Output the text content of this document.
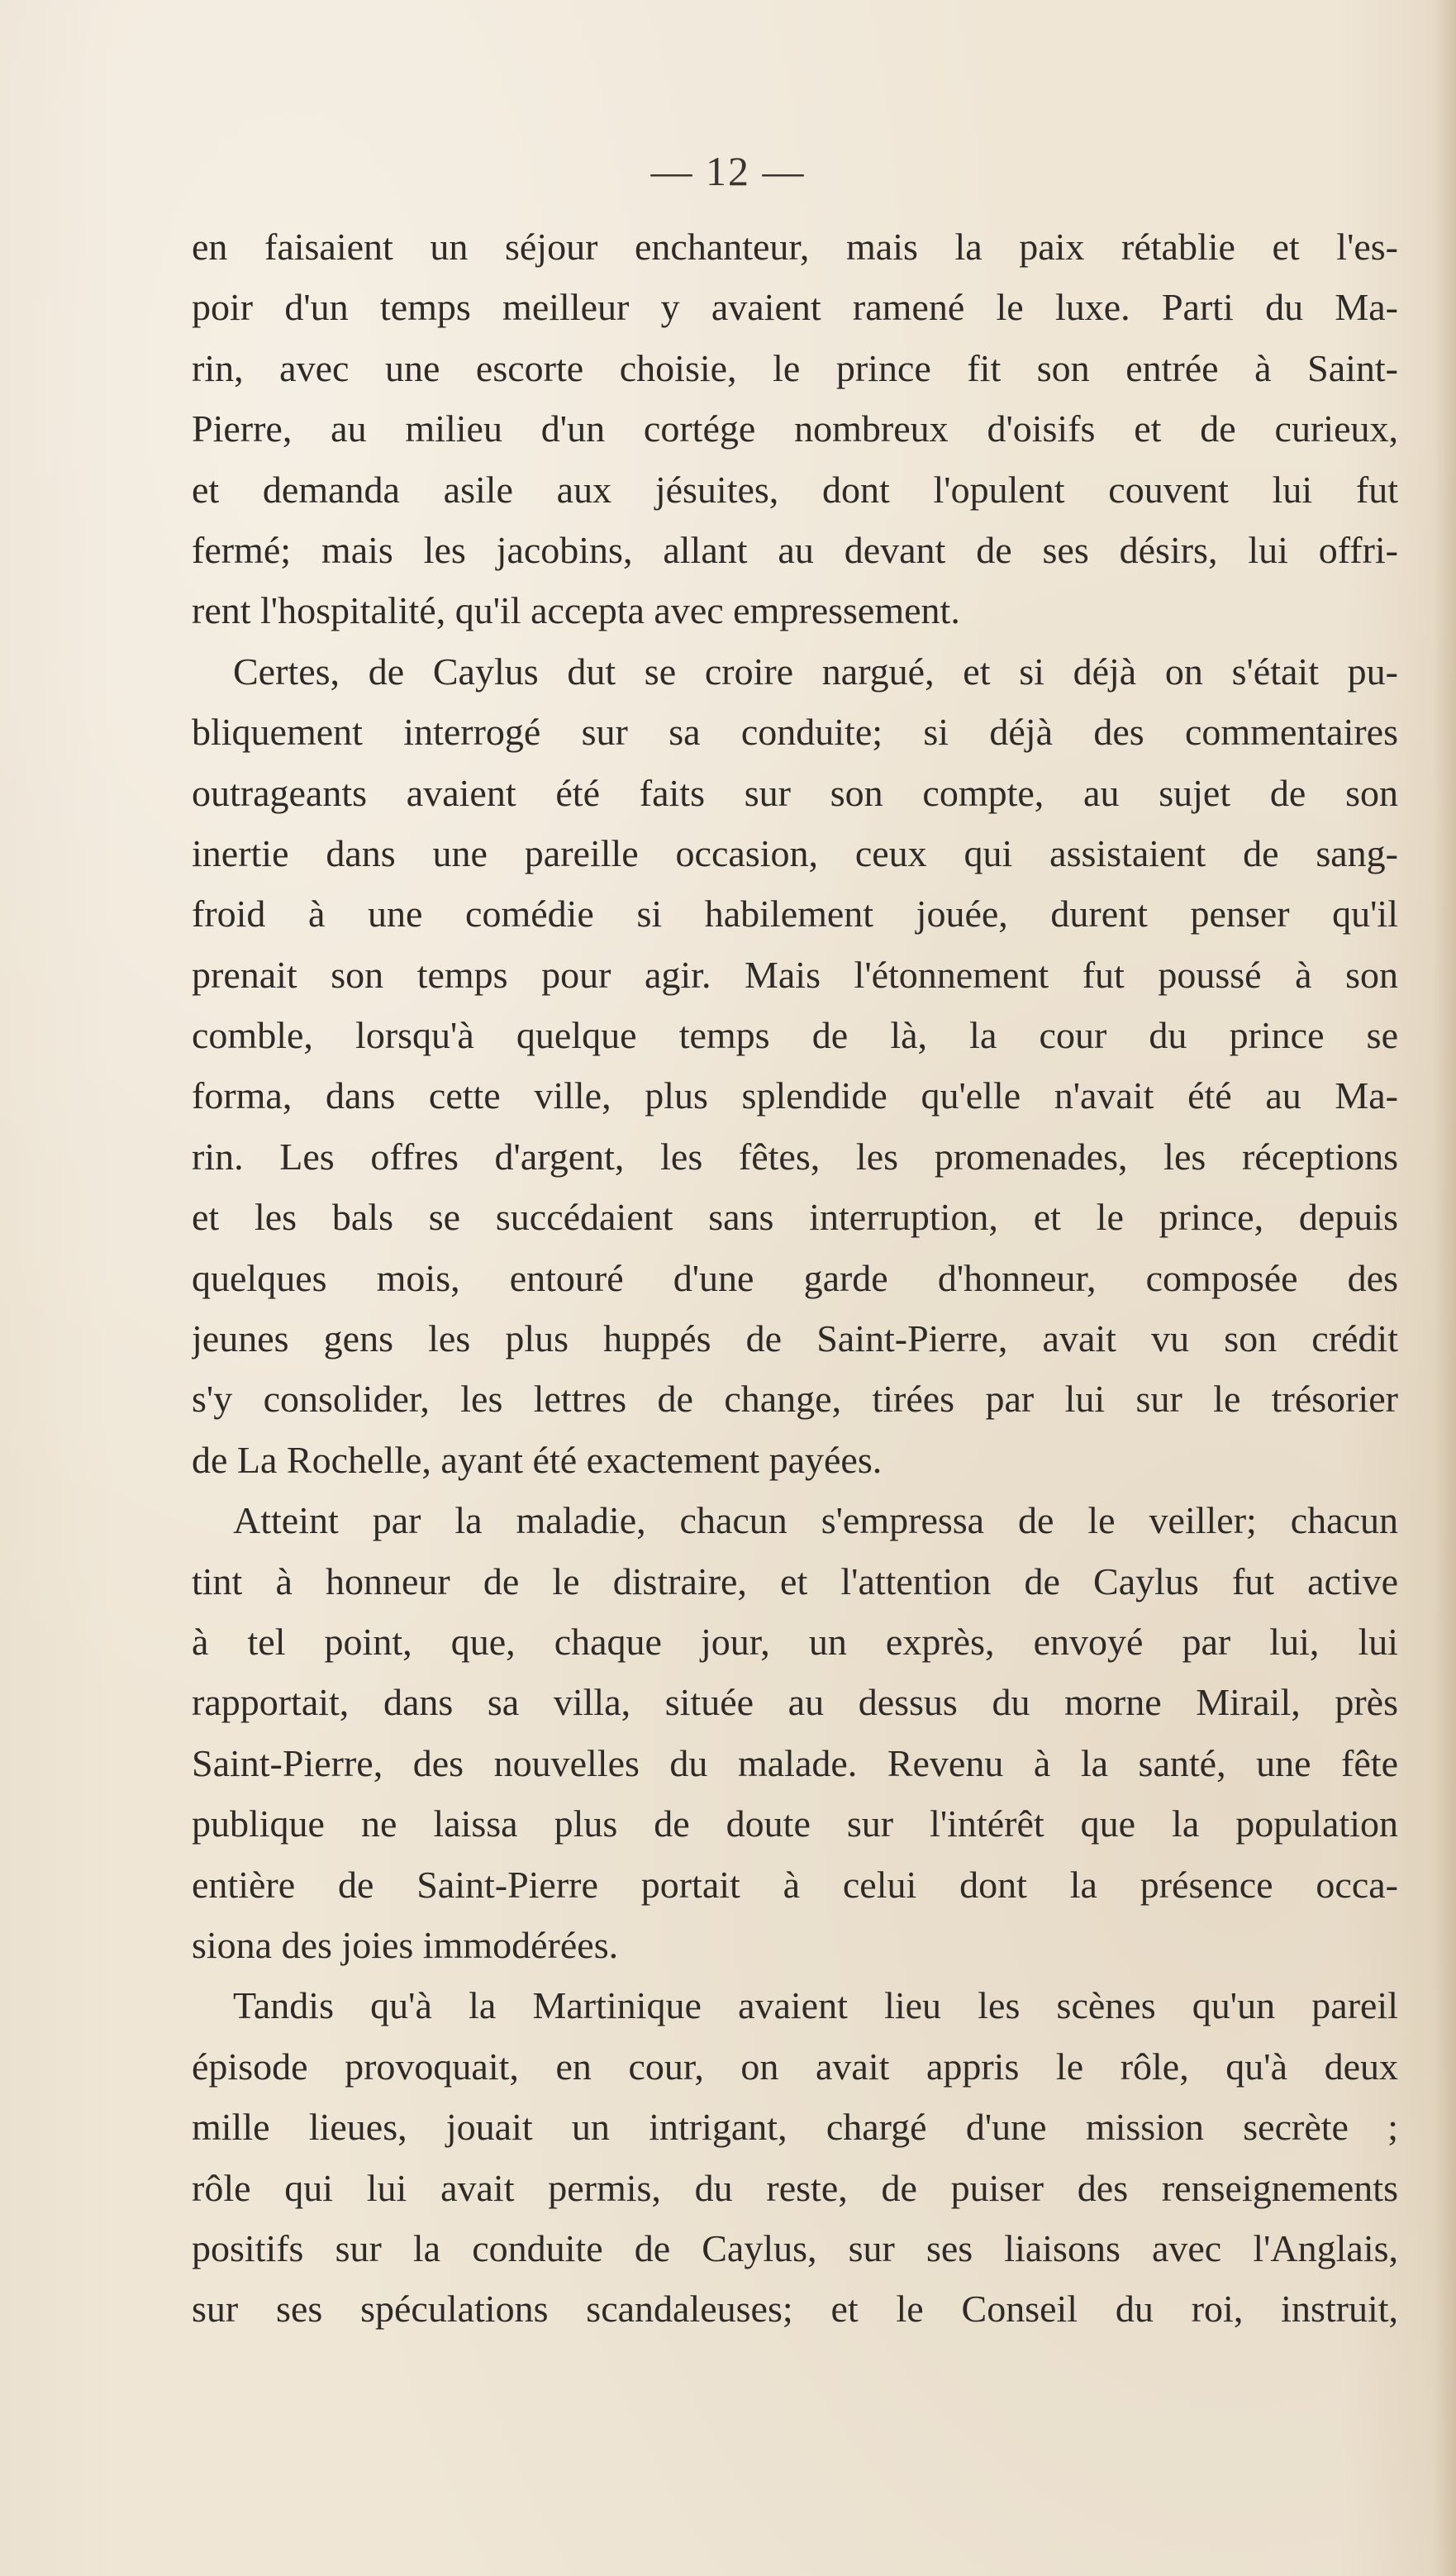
— 12 —
en faisaient un séjour enchanteur, mais la paix rétablie et l'es-
poir d'un temps meilleur y avaient ramené le luxe. Parti du Ma-
rin, avec une escorte choisie, le prince fit son entrée à Saint-
Pierre, au milieu d'un cortége nombreux d'oisifs et de curieux,
et demanda asile aux jésuites, dont l'opulent couvent lui fut
fermé; mais les jacobins, allant au devant de ses désirs, lui offri-
rent l'hospitalité, qu'il accepta avec empressement.
Certes, de Caylus dut se croire nargué, et si déjà on s'était pu-
bliquement interrogé sur sa conduite; si déjà des commentaires
outrageants avaient été faits sur son compte, au sujet de son
inertie dans une pareille occasion, ceux qui assistaient de sang-
froid à une comédie si habilement jouée, durent penser qu'il
prenait son temps pour agir. Mais l'étonnement fut poussé à son
comble, lorsqu'à quelque temps de là, la cour du prince se
forma, dans cette ville, plus splendide qu'elle n'avait été au Ma-
rin. Les offres d'argent, les fêtes, les promenades, les réceptions
et les bals se succédaient sans interruption, et le prince, depuis
quelques mois, entouré d'une garde d'honneur, composée des
jeunes gens les plus huppés de Saint-Pierre, avait vu son crédit
s'y consolider, les lettres de change, tirées par lui sur le trésorier
de La Rochelle, ayant été exactement payées.
Atteint par la maladie, chacun s'empressa de le veiller; chacun
tint à honneur de le distraire, et l'attention de Caylus fut active
à tel point, que, chaque jour, un exprès, envoyé par lui, lui
rapportait, dans sa villa, située au dessus du morne Mirail, près
Saint-Pierre, des nouvelles du malade. Revenu à la santé, une fête
publique ne laissa plus de doute sur l'intérêt que la population
entière de Saint-Pierre portait à celui dont la présence occa-
siona des joies immodérées.
Tandis qu'à la Martinique avaient lieu les scènes qu'un pareil
épisode provoquait, en cour, on avait appris le rôle, qu'à deux
mille lieues, jouait un intrigant, chargé d'une mission secrète ;
rôle qui lui avait permis, du reste, de puiser des renseignements
positifs sur la conduite de Caylus, sur ses liaisons avec l'Anglais,
sur ses spéculations scandaleuses; et le Conseil du roi, instruit,
